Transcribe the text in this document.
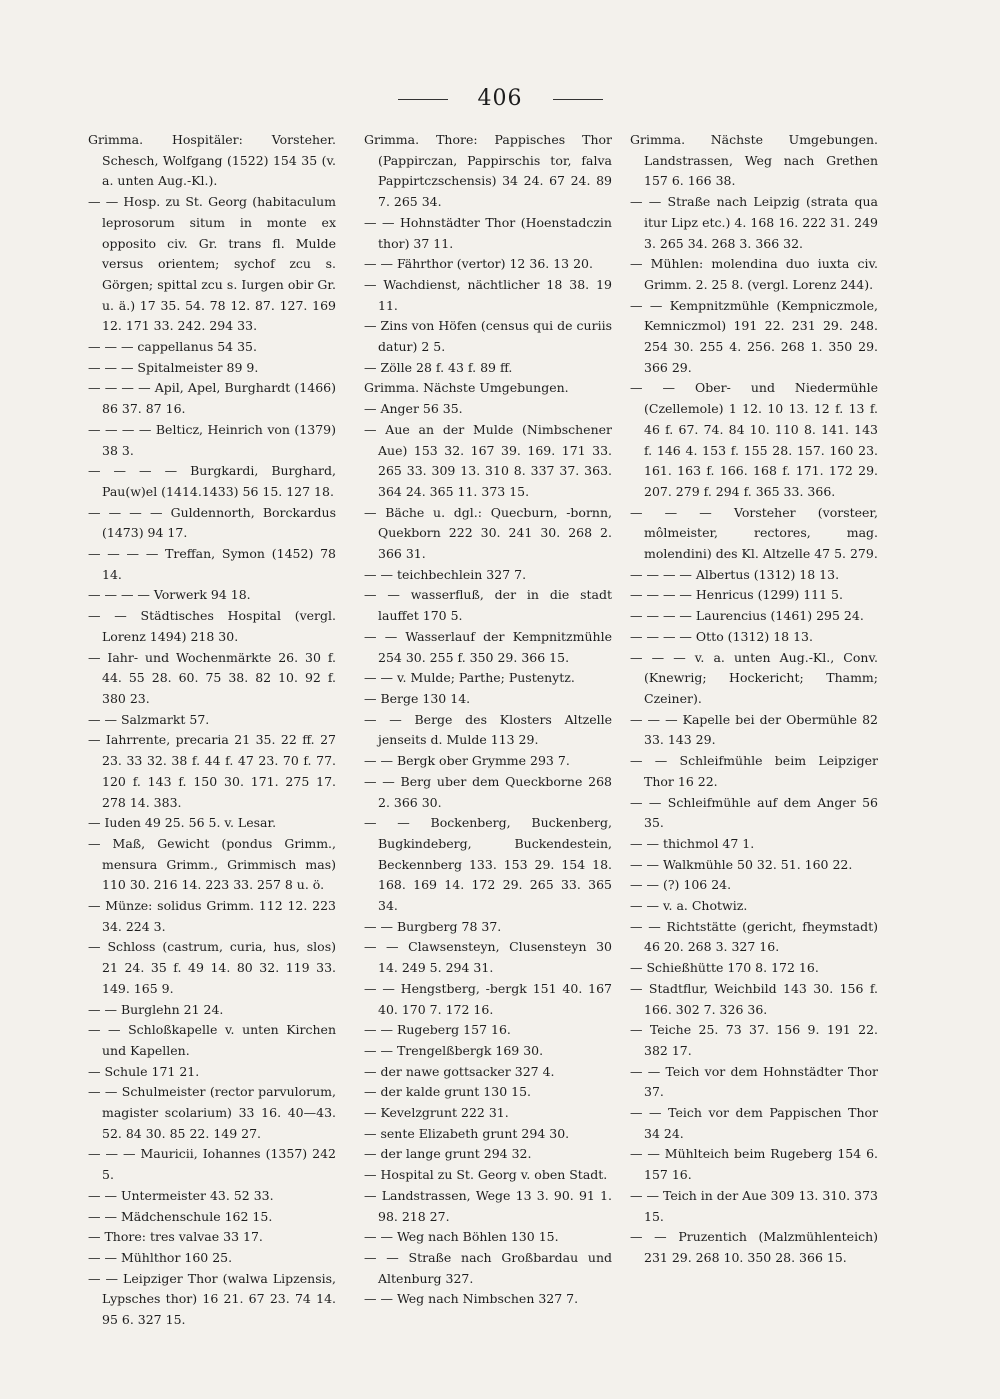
406

Grimma. Hospitäler: Vorsteher. Schesch, Wolfgang (1522) 154 35 (v. a. unten Aug.-Kl.).

— — Hosp. zu St. Georg (habitaculum leprosorum situm in monte ex opposito civ. Gr. trans fl. Mulde versus orientem; sychof zcu s. Görgen; spittal zcu s. Iurgen obir Gr. u. ä.) 17 35. 54. 78 12. 87. 127. 169 12. 171 33. 242. 294 33.

— — — cappellanus 54 35.

— — — Spitalmeister 89 9.

— — — — Apil, Apel, Burghardt (1466) 86 37. 87 16.

— — — — Belticz, Heinrich von (1379) 38 3.

— — — — Burgkardi, Burghard, Pau(w)el (1414.1433) 56 15. 127 18.

— — — — Guldennorth, Borckardus (1473) 94 17.

— — — — Treffan, Symon (1452) 78 14.

— — — — Vorwerk 94 18.

— — Städtisches Hospital (vergl. Lorenz 1494) 218 30.

— Iahr- und Wochenmärkte 26. 30 f. 44. 55 28. 60. 75 38. 82 10. 92 f. 380 23.

— — Salzmarkt 57.

— Iahrrente, precaria 21 35. 22 ff. 27 23. 33 32. 38 f. 44 f. 47 23. 70 f. 77. 120 f. 143 f. 150 30. 171. 275 17. 278 14. 383.

— Iuden 49 25. 56 5. v. Lesar.

— Maß, Gewicht (pondus Grimm., mensura Grimm., Grimmisch mas) 110 30. 216 14. 223 33. 257 8 u. ö.

— Münze: solidus Grimm. 112 12. 223 34. 224 3.

— Schloss (castrum, curia, hus, slos) 21 24. 35 f. 49 14. 80 32. 119 33. 149. 165 9.

— — Burglehn 21 24.

— — Schloßkapelle v. unten Kirchen und Kapellen.

— Schule 171 21.

— — Schulmeister (rector parvulorum, magister scolarium) 33 16. 40—43. 52. 84 30. 85 22. 149 27.

— — — Mauricii, Iohannes (1357) 242 5.

— — Untermeister 43. 52 33.

— — Mädchenschule 162 15.

— Thore: tres valvae 33 17.

— — Mühlthor 160 25.

— — Leipziger Thor (walwa Lipzensis, Lypsches thor) 16 21. 67 23. 74 14. 95 6. 327 15.

Grimma. Thore: Pappisches Thor (Pappirczan, Pappirschis tor, falva Pappirtczschensis) 34 24. 67 24. 89 7. 265 34.

— — Hohnstädter Thor (Hoenstadczin thor) 37 11.

— — Fährthor (vertor) 12 36. 13 20.

— Wachdienst, nächtlicher 18 38. 19 11.

— Zins von Höfen (census qui de curiis datur) 2 5.

— Zölle 28 f. 43 f. 89 ff.

Grimma. Nächste Umgebungen.

— Anger 56 35.

— Aue an der Mulde (Nimbschener Aue) 153 32. 167 39. 169. 171 33. 265 33. 309 13. 310 8. 337 37. 363. 364 24. 365 11. 373 15.

— Bäche u. dgl.: Quecburn, -bornn, Quekborn 222 30. 241 30. 268 2. 366 31.

— — teichbechlein 327 7.

— — wasserfluß, der in die stadt lauffet 170 5.

— — Wasserlauf der Kempnitzmühle 254 30. 255 f. 350 29. 366 15.

— — v. Mulde; Parthe; Pustenytz.

— Berge 130 14.

— — Berge des Klosters Altzelle jenseits d. Mulde 113 29.

— — Bergk ober Grymme 293 7.

— — Berg uber dem Queckborne 268 2. 366 30.

— — Bockenberg, Buckenberg, Bugkindeberg, Buckendestein, Beckennberg 133. 153 29. 154 18. 168. 169 14. 172 29. 265 33. 365 34.

— — Burgberg 78 37.

— — Clawsensteyn, Clusensteyn 30 14. 249 5. 294 31.

— — Hengstberg, -bergk 151 40. 167 40. 170 7. 172 16.

— — Rugeberg 157 16.

— — Trengelßbergk 169 30.

— der nawe gottsacker 327 4.

— der kalde grunt 130 15.

— Kevelzgrunt 222 31.

— sente Elizabeth grunt 294 30.

— der lange grunt 294 32.

— Hospital zu St. Georg v. oben Stadt.

— Landstrassen, Wege 13 3. 90. 91 1. 98. 218 27.

— — Weg nach Böhlen 130 15.

— — Straße nach Großbardau und Altenburg 327.

— — Weg nach Nimbschen 327 7.

Grimma. Nächste Umgebungen. Landstrassen, Weg nach Grethen 157 6. 166 38.

— — Straße nach Leipzig (strata qua itur Lipz etc.) 4. 168 16. 222 31. 249 3. 265 34. 268 3. 366 32.

— Mühlen: molendina duo iuxta civ. Grimm. 2. 25 8. (vergl. Lorenz 244).

— — Kempnitzmühle (Kempniczmole, Kemniczmol) 191 22. 231 29. 248. 254 30. 255 4. 256. 268 1. 350 29. 366 29.

— — Ober- und Niedermühle (Czellemole) 1 12. 10 13. 12 f. 13 f. 46 f. 67. 74. 84 10. 110 8. 141. 143 f. 146 4. 153 f. 155 28. 157. 160 23. 161. 163 f. 166. 168 f. 171. 172 29. 207. 279 f. 294 f. 365 33. 366.

— — — Vorsteher (vorsteer, môlmeister, rectores, mag. molendini) des Kl. Altzelle 47 5. 279.

— — — — Albertus (1312) 18 13.

— — — — Henricus (1299) 111 5.

— — — — Laurencius (1461) 295 24.

— — — — Otto (1312) 18 13.

— — — v. a. unten Aug.-Kl., Conv. (Knewrig; Hockericht; Thamm; Czeiner).

— — — Kapelle bei der Obermühle 82 33. 143 29.

— — Schleifmühle beim Leipziger Thor 16 22.

— — Schleifmühle auf dem Anger 56 35.

— — thichmol 47 1.

— — Walkmühle 50 32. 51. 160 22.

— — (?) 106 24.

— — v. a. Chotwiz.

— — Richtstätte (gericht, fheymstadt) 46 20. 268 3. 327 16.

— Schießhütte 170 8. 172 16.

— Stadtflur, Weichbild 143 30. 156 f. 166. 302 7. 326 36.

— Teiche 25. 73 37. 156 9. 191 22. 382 17.

— — Teich vor dem Hohnstädter Thor 37.

— — Teich vor dem Pappischen Thor 34 24.

— — Mühlteich beim Rugeberg 154 6. 157 16.

— — Teich in der Aue 309 13. 310. 373 15.

— — Pruzentich (Malzmühlenteich) 231 29. 268 10. 350 28. 366 15.
